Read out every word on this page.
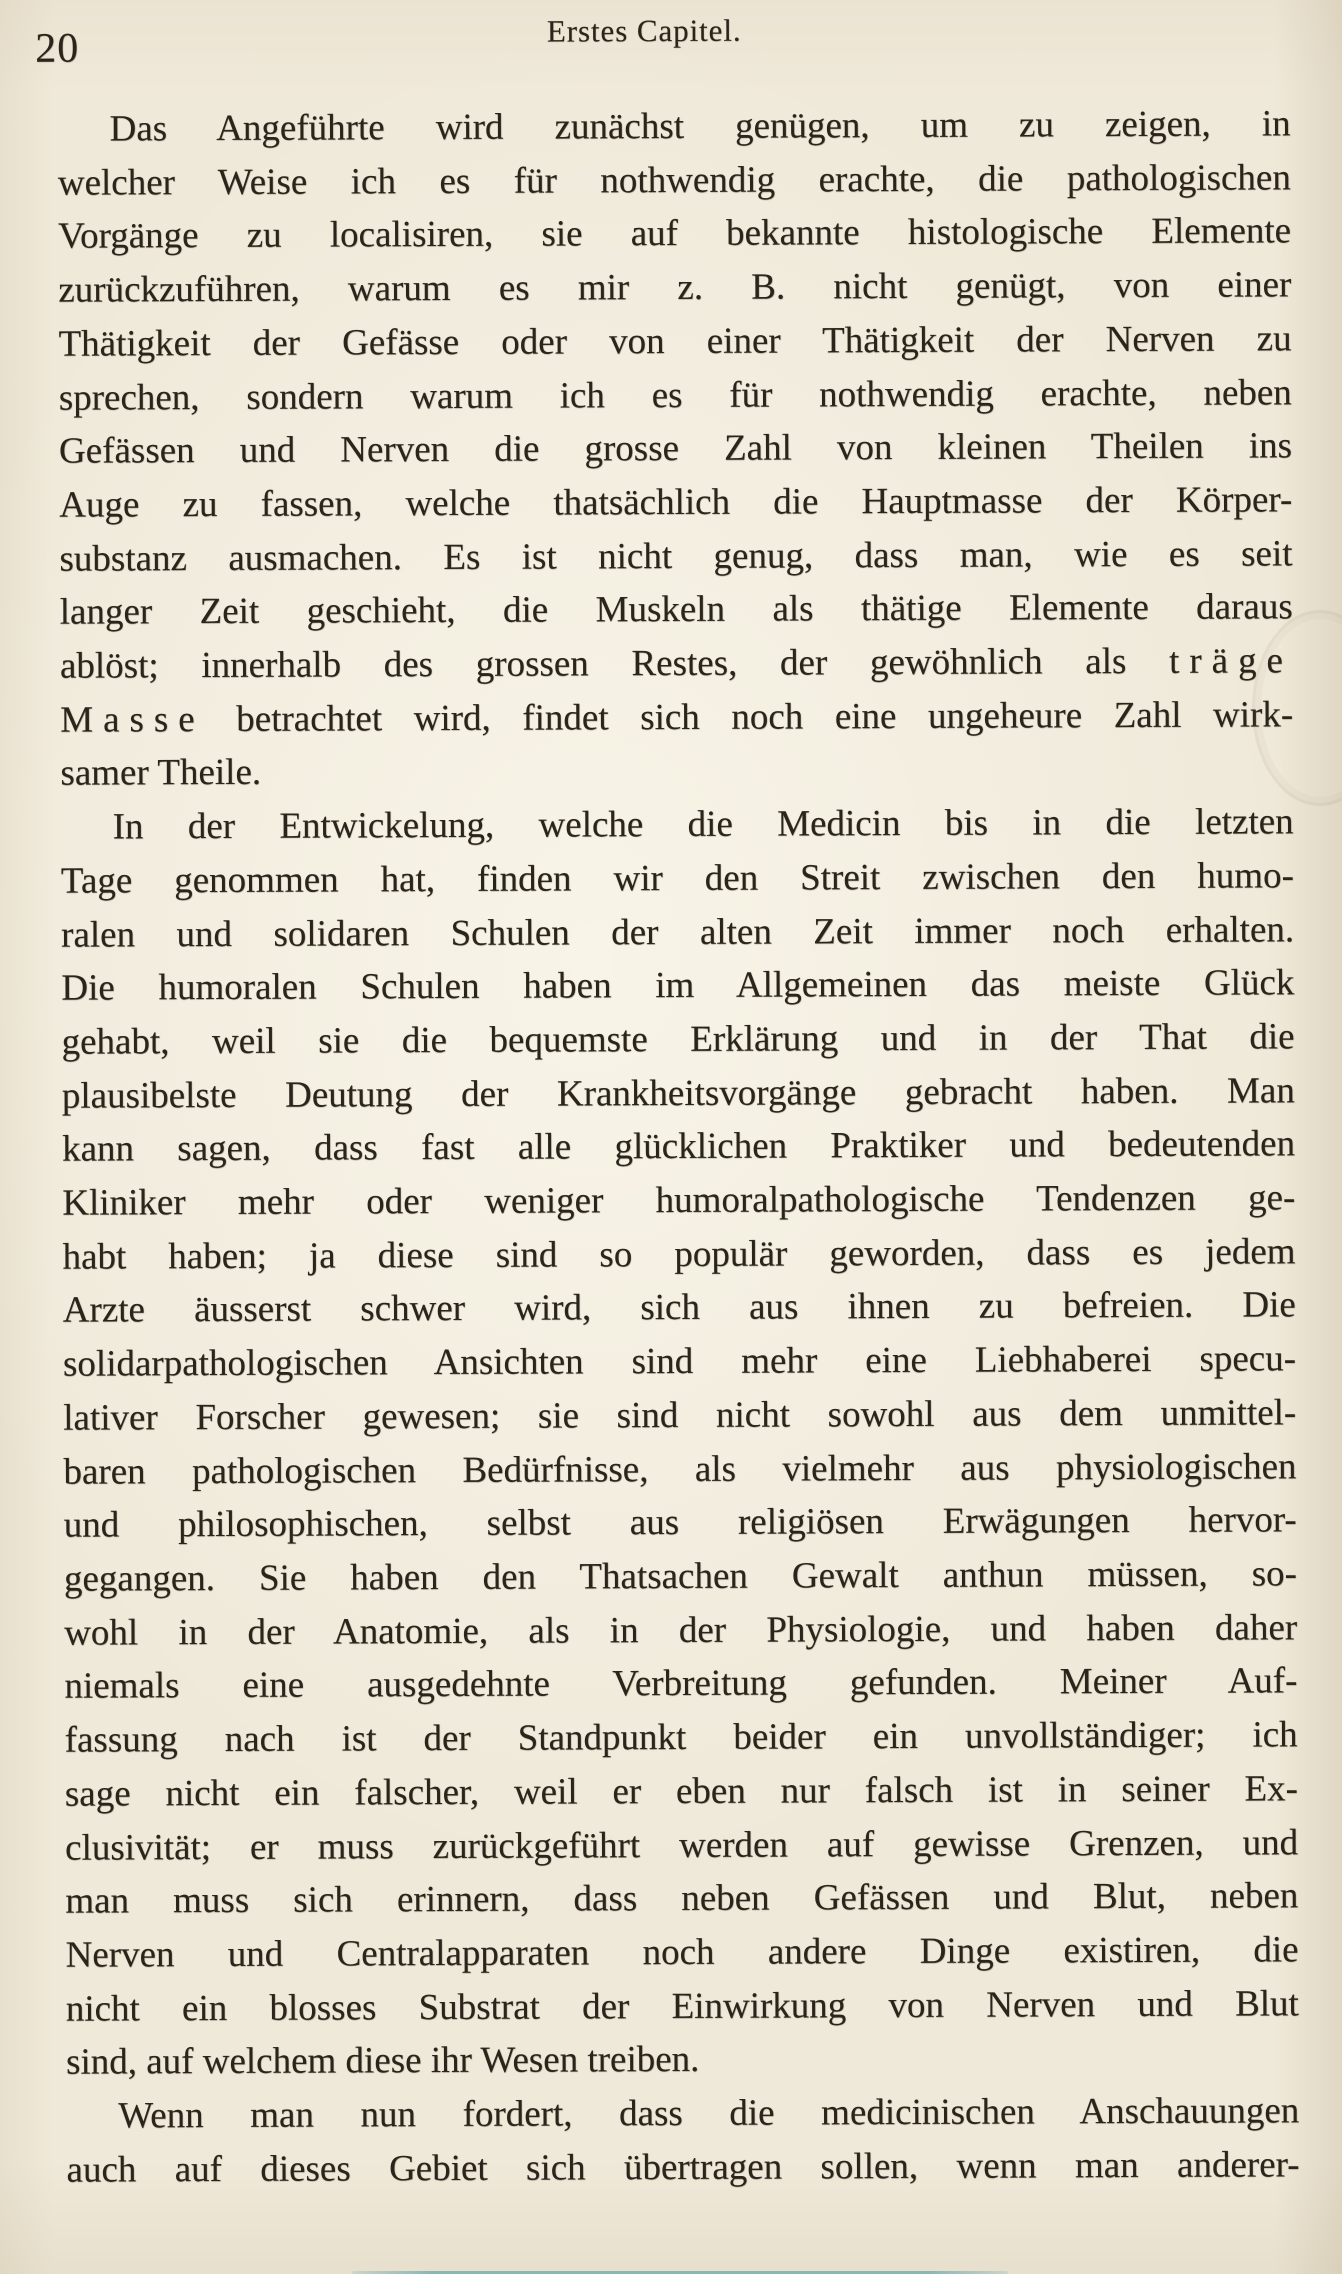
20	Erstes Capitel.
Das Angeführte wird zunächst genügen, um zu zeigen, in
welcher Weise ich es für nothwendig erachte, die pathologischen
Vorgänge zu localisiren, sie auf bekannte histologische Elemente
zurückzuführen, warum es mir z. B. nicht genügt, von einer
Thätigkeit der Gefässe oder von einer Thätigkeit der Nerven zu
sprechen, sondern warum ich es für nothwendig erachte, neben
Gefässen und Nerven die grosse Zahl von kleinen Theilen ins
Auge zu fassen, welche thatsächlich die Hauptmasse der Körper-
substanz ausmachen. Es ist nicht genug, dass man, wie es seit
langer Zeit geschieht, die Muskeln als thätige Elemente daraus
ablöst; innerhalb des grossen Restes, der gewöhnlich als träge
Masse betrachtet wird, findet sich noch eine ungeheure Zahl wirk-
samer Theile.
In der Entwickelung, welche die Medicin bis in die letzten
Tage genommen hat, finden wir den Streit zwischen den humo-
ralen und solidaren Schulen der alten Zeit immer noch erhalten.
Die humoralen Schulen haben im Allgemeinen das meiste Glück
gehabt, weil sie die bequemste Erklärung und in der That die
plausibelste Deutung der Krankheitsvorgänge gebracht haben. Man
kann sagen, dass fast alle glücklichen Praktiker und bedeutenden
Kliniker mehr oder weniger humoralpathologische Tendenzen ge-
habt haben; ja diese sind so populär geworden, dass es jedem
Arzte äusserst schwer wird, sich aus ihnen zu befreien. Die
solidarpathologischen Ansichten sind mehr eine Liebhaberei specu-
lativer Forscher gewesen; sie sind nicht sowohl aus dem unmittel-
baren pathologischen Bedürfnisse, als vielmehr aus physiologischen
und philosophischen, selbst aus religiösen Erwägungen hervor-
gegangen. Sie haben den Thatsachen Gewalt anthun müssen, so-
wohl in der Anatomie, als in der Physiologie, und haben daher
niemals eine ausgedehnte Verbreitung gefunden. Meiner Auf-
fassung nach ist der Standpunkt beider ein unvollständiger; ich
sage nicht ein falscher, weil er eben nur falsch ist in seiner Ex-
clusivität; er muss zurückgeführt werden auf gewisse Grenzen, und
man muss sich erinnern, dass neben Gefässen und Blut, neben
Nerven und Centralapparaten noch andere Dinge existiren, die
nicht ein blosses Substrat der Einwirkung von Nerven und Blut
sind, auf welchem diese ihr Wesen treiben.
Wenn man nun fordert, dass die medicinischen Anschauungen
auch auf dieses Gebiet sich übertragen sollen, wenn man anderer-
